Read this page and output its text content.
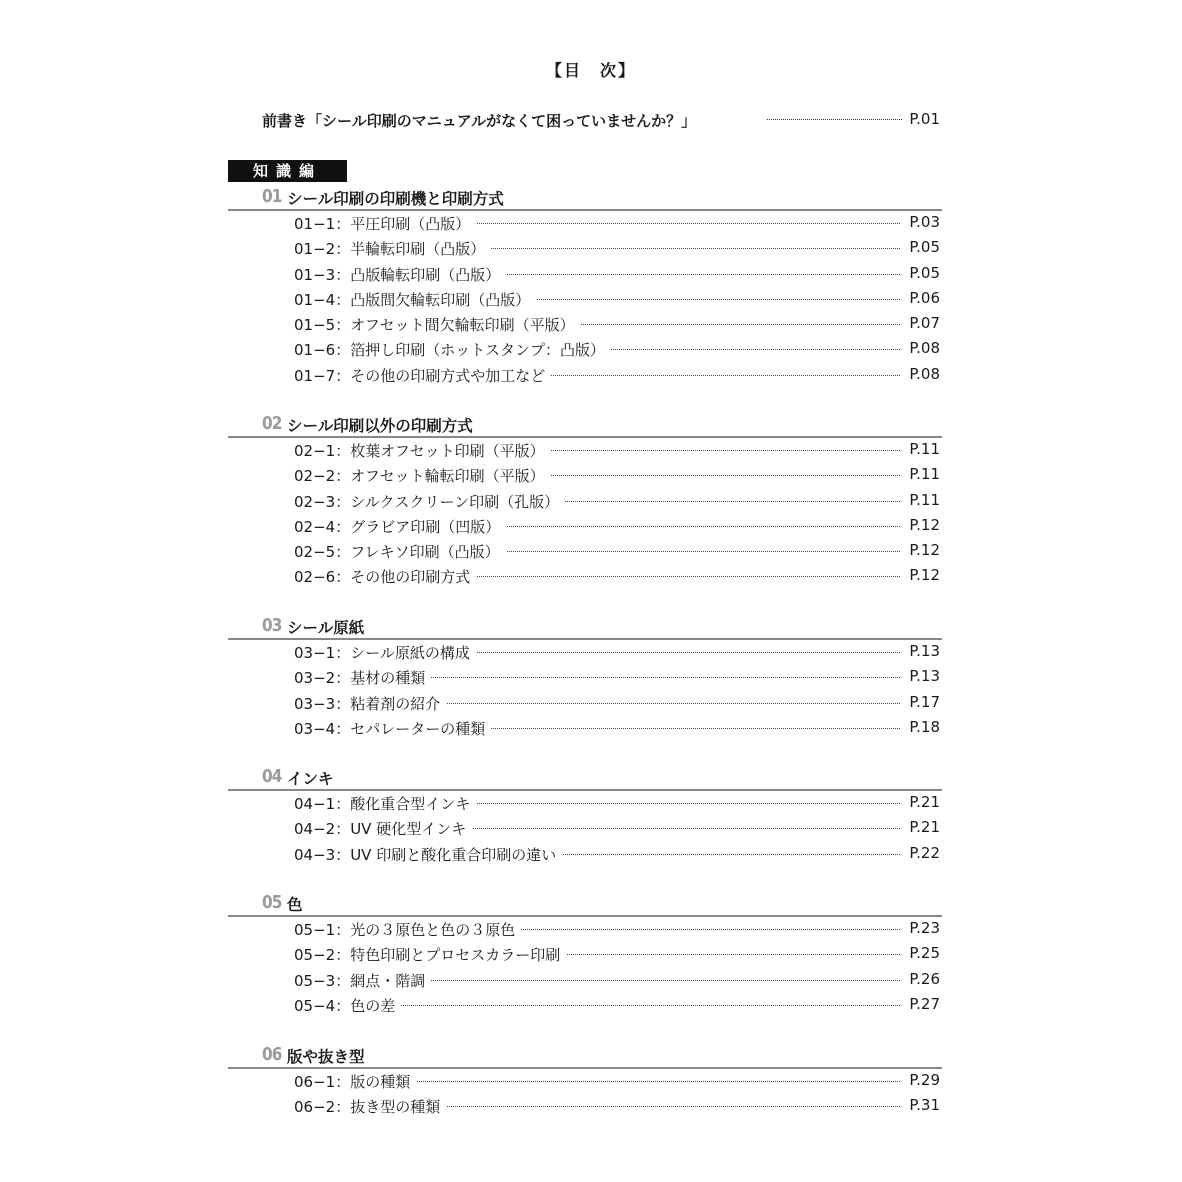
【目　次】
前書き「シール印刷のマニュアルがなくて困っていませんか？」	P.01
知識編
01 シール印刷の印刷機と印刷方式
01−1：平圧印刷（凸版）	P.03
01−2：半輪転印刷（凸版）	P.05
01−3：凸版輪転印刷（凸版）	P.05
01−4：凸版間欠輪転印刷（凸版）	P.06
01−5：オフセット間欠輪転印刷（平版）	P.07
01−6：箔押し印刷（ホットスタンプ：凸版）	P.08
01−7：その他の印刷方式や加工など	P.08
02 シール印刷以外の印刷方式
02−1：枚葉オフセット印刷（平版）	P.11
02−2：オフセット輪転印刷（平版）	P.11
02−3：シルクスクリーン印刷（孔版）	P.11
02−4：グラビア印刷（凹版）	P.12
02−5：フレキソ印刷（凸版）	P.12
02−6：その他の印刷方式	P.12
03 シール原紙
03−1：シール原紙の構成	P.13
03−2：基材の種類	P.13
03−3：粘着剤の紹介	P.17
03−4：セパレーターの種類	P.18
04 インキ
04−1：酸化重合型インキ	P.21
04−2：UV 硬化型インキ	P.21
04−3：UV 印刷と酸化重合印刷の違い	P.22
05 色
05−1：光の３原色と色の３原色	P.23
05−2：特色印刷とプロセスカラー印刷	P.25
05−3：網点・階調	P.26
05−4：色の差	P.27
06 版や抜き型
06−1：版の種類	P.29
06−2：抜き型の種類	P.31
